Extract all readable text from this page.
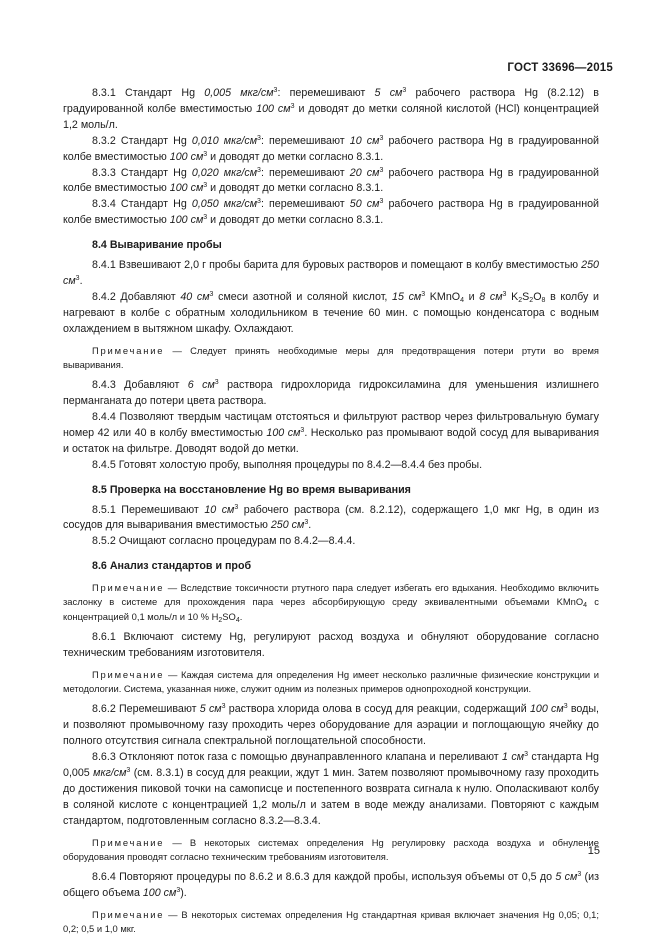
ГОСТ 33696—2015

8.3.1 Стандарт Hg 0,005 мкг/$см^3$: перемешивают 5 $см^3$ рабочего раствора Hg (8.2.12) в градуированной колбе вместимостью 100 $см^3$ и доводят до метки соляной кислотой (HCl) концентрацией 1,2 моль/л.

8.3.2 Стандарт Hg 0,010 мкг/$см^3$: перемешивают 10 $см^3$ рабочего раствора Hg в градуированной колбе вместимостью 100 $см^3$ и доводят до метки согласно 8.3.1.

8.3.3 Стандарт Hg 0,020 мкг/$см^3$: перемешивают 20 $см^3$ рабочего раствора Hg в градуированной колбе вместимостью 100 $см^3$ и доводят до метки согласно 8.3.1.

8.3.4 Стандарт Hg 0,050 мкг/$см^3$: перемешивают 50 $см^3$ рабочего раствора Hg в градуированной колбе вместимостью 100 $см^3$ и доводят до метки согласно 8.3.1.

8.4 Вываривание пробы

8.4.1 Взвешивают 2,0 г пробы барита для буровых растворов и помещают в колбу вместимостью 250 $см^3$.

8.4.2 Добавляют 40 $см^3$ смеси азотной и соляной кислот, 15 $см^3$ KMnO$_4$ и 8 $см^3$ $K_2S_2O_8$ в колбу и нагревают в колбе с обратным холодильником в течение 60 мин. с помощью конденсатора с водным охлаждением в вытяжном шкафу. Охлаждают.

Примечание — Следует принять необходимые меры для предотвращения потери ртути во время вываривания.

8.4.3 Добавляют 6 $см^3$ раствора гидрохлорида гидроксиламина для уменьшения излишнего перманганата до потери цвета раствора.

8.4.4 Позволяют твердым частицам отстояться и фильтруют раствор через фильтровальную бумагу номер 42 или 40 в колбу вместимостью 100 $см^3$. Несколько раз промывают водой сосуд для вываривания и остаток на фильтре. Доводят водой до метки.

8.4.5 Готовят холостую пробу, выполняя процедуры по 8.4.2—8.4.4 без пробы.

8.5 Проверка на восстановление Hg во время вываривания

8.5.1 Перемешивают 10 $см^3$ рабочего раствора (см. 8.2.12), содержащего 1,0 мкг Hg, в один из сосудов для вываривания вместимостью 250 $см^3$.

8.5.2 Очищают согласно процедурам по 8.4.2—8.4.4.

8.6 Анализ стандартов и проб

Примечание — Вследствие токсичности ртутного пара следует избегать его вдыхания. Необходимо включить заслонку в системе для прохождения пара через абсорбирующую среду эквивалентными объемами KMnO$_4$ с концентрацией 0,1 моль/л и 10 % $H_2SO_4$.

8.6.1 Включают систему Hg, регулируют расход воздуха и обнуляют оборудование согласно техническим требованиям изготовителя.

Примечание — Каждая система для определения Hg имеет несколько различные физические конструкции и методологии. Система, указанная ниже, служит одним из полезных примеров однопроходной конструкции.

8.6.2 Перемешивают 5 $см^3$ раствора хлорида олова в сосуд для реакции, содержащий 100 $см^3$ воды, и позволяют промывочному газу проходить через оборудование для аэрации и поглощающую ячейку до полного отсутствия сигнала спектральной поглощательной способности.

8.6.3 Отклоняют поток газа с помощью двунаправленного клапана и переливают 1 $см^3$ стандарта Hg 0,005 мкг/$см^3$ (см. 8.3.1) в сосуд для реакции, ждут 1 мин. Затем позволяют промывочному газу проходить до достижения пиковой точки на самописце и постепенного возврата сигнала к нулю. Ополаскивают колбу в соляной кислоте с концентрацией 1,2 моль/л и затем в воде между анализами. Повторяют с каждым стандартом, подготовленным согласно 8.3.2—8.3.4.

Примечание — В некоторых системах определения Hg регулировку расхода воздуха и обнуление оборудования проводят согласно техническим требованиям изготовителя.

8.6.4 Повторяют процедуры по 8.6.2 и 8.6.3 для каждой пробы, используя объемы от 0,5 до 5 $см^3$ (из общего объема 100 $см^3$).

Примечание — В некоторых системах определения Hg стандартная кривая включает значения Hg 0,05; 0,1; 0,2; 0,5 и 1,0 мкг.

15
